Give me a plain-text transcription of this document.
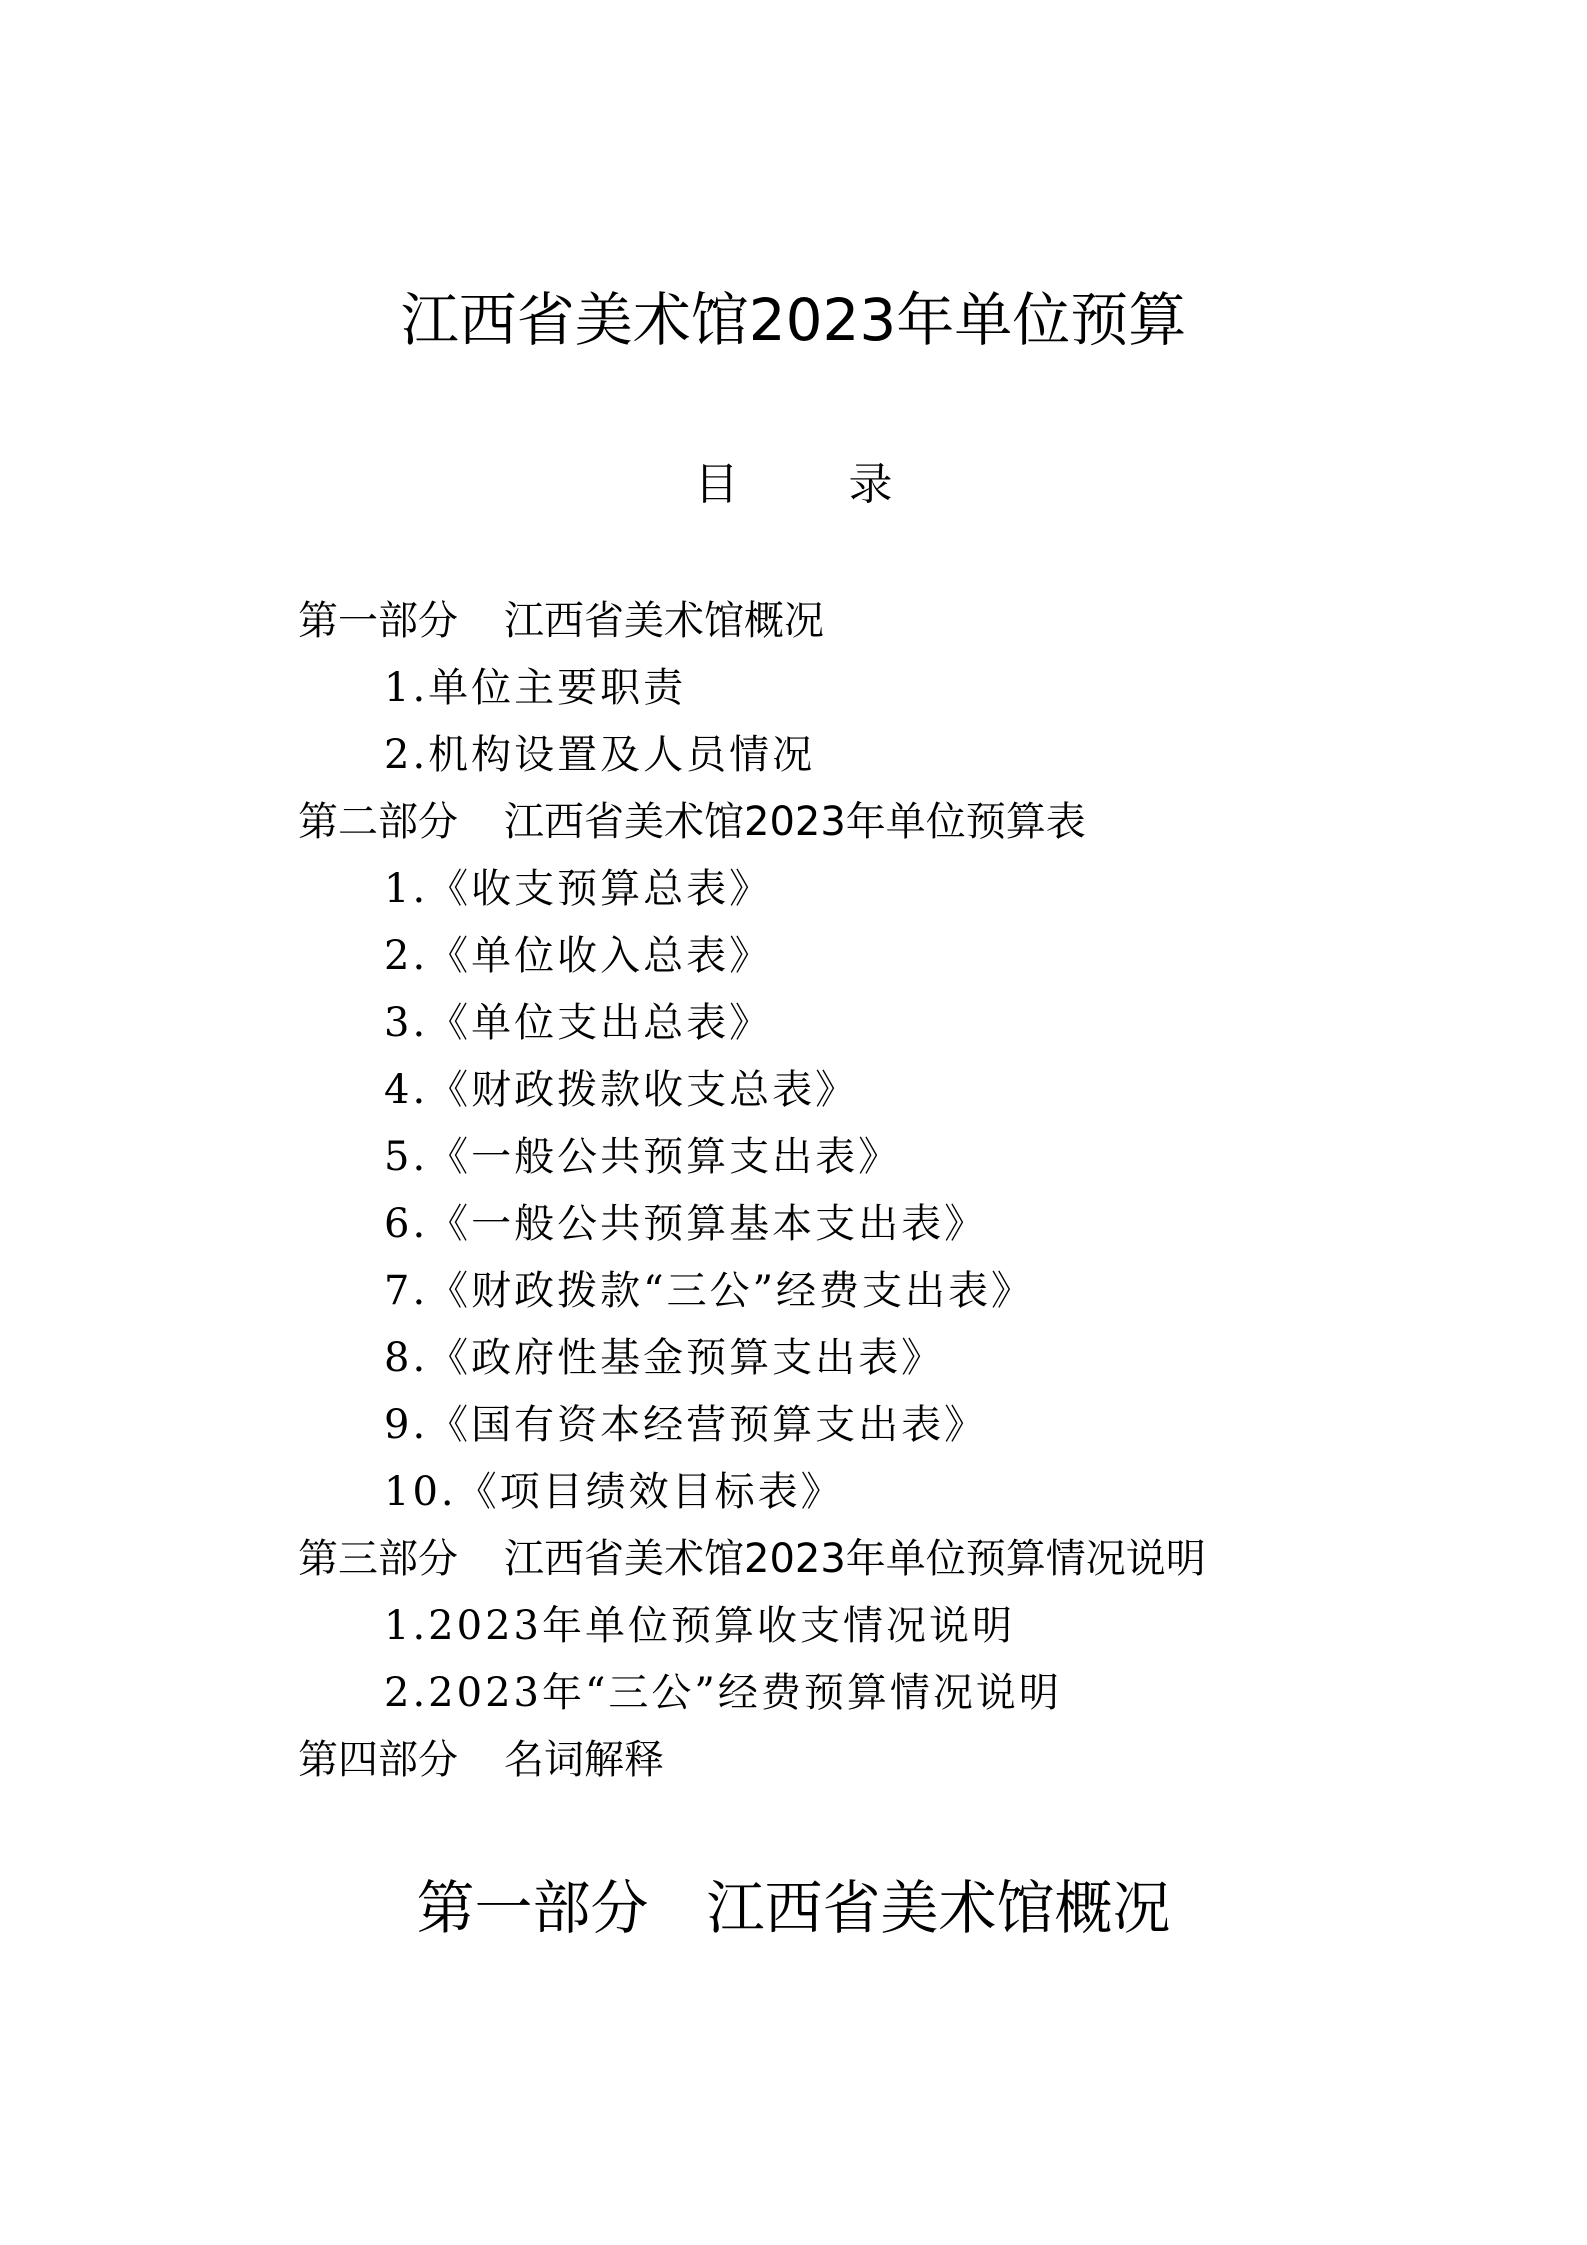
江西省美术馆2023年单位预算
目	录
第一部分 江西省美术馆概况
1.单位主要职责
2.机构设置及人员情况
第二部分 江西省美术馆2023年单位预算表
1.《收支预算总表》
2.《单位收入总表》
3.《单位支出总表》
4.《财政拨款收支总表》
5.《一般公共预算支出表》
6.《一般公共预算基本支出表》
7.《财政拨款“三公”经费支出表》
8.《政府性基金预算支出表》
9.《国有资本经营预算支出表》
10.《项目绩效目标表》
第三部分 江西省美术馆2023年单位预算情况说明
1.2023年单位预算收支情况说明
2.2023年“三公”经费预算情况说明
第四部分 名词解释
第一部分 江西省美术馆概况
